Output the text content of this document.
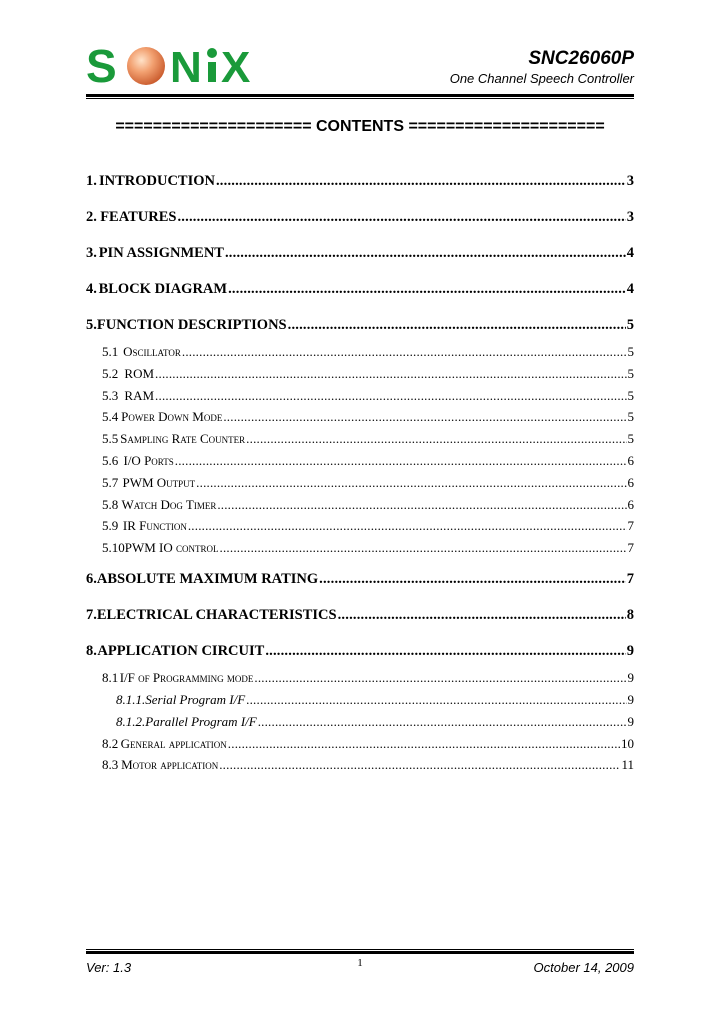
S N X	SNC26060P
One Channel Speech Controller
===================== CONTENTS =====================
1. INTRODUCTION .....	3
2. FEATURES .....	3
3. PIN ASSIGNMENT .....	4
4. BLOCK DIAGRAM .....	4
5. FUNCTION DESCRIPTIONS .....	5
5.1 Oscillator .....	5
5.2 ROM .....	5
5.3 RAM .....	5
5.4 Power Down Mode .....	5
5.5 Sampling Rate Counter .....	5
5.6 I/O Ports .....	6
5.7 PWM Output .....	6
5.8 Watch Dog Timer .....	6
5.9 IR Function .....	7
5.10 PWM IO control .....	7
6. ABSOLUTE MAXIMUM RATING .....	7
7. ELECTRICAL CHARACTERISTICS .....	8
8. APPLICATION CIRCUIT .....	9
8.1 I/F of Programming mode .....	9
8.1.1. Serial Program I/F .....	9
8.1.2. Parallel Program I/F .....	9
8.2 General application .....	10
8.3 Motor application .....	11
Ver: 1.3	1	October 14, 2009
